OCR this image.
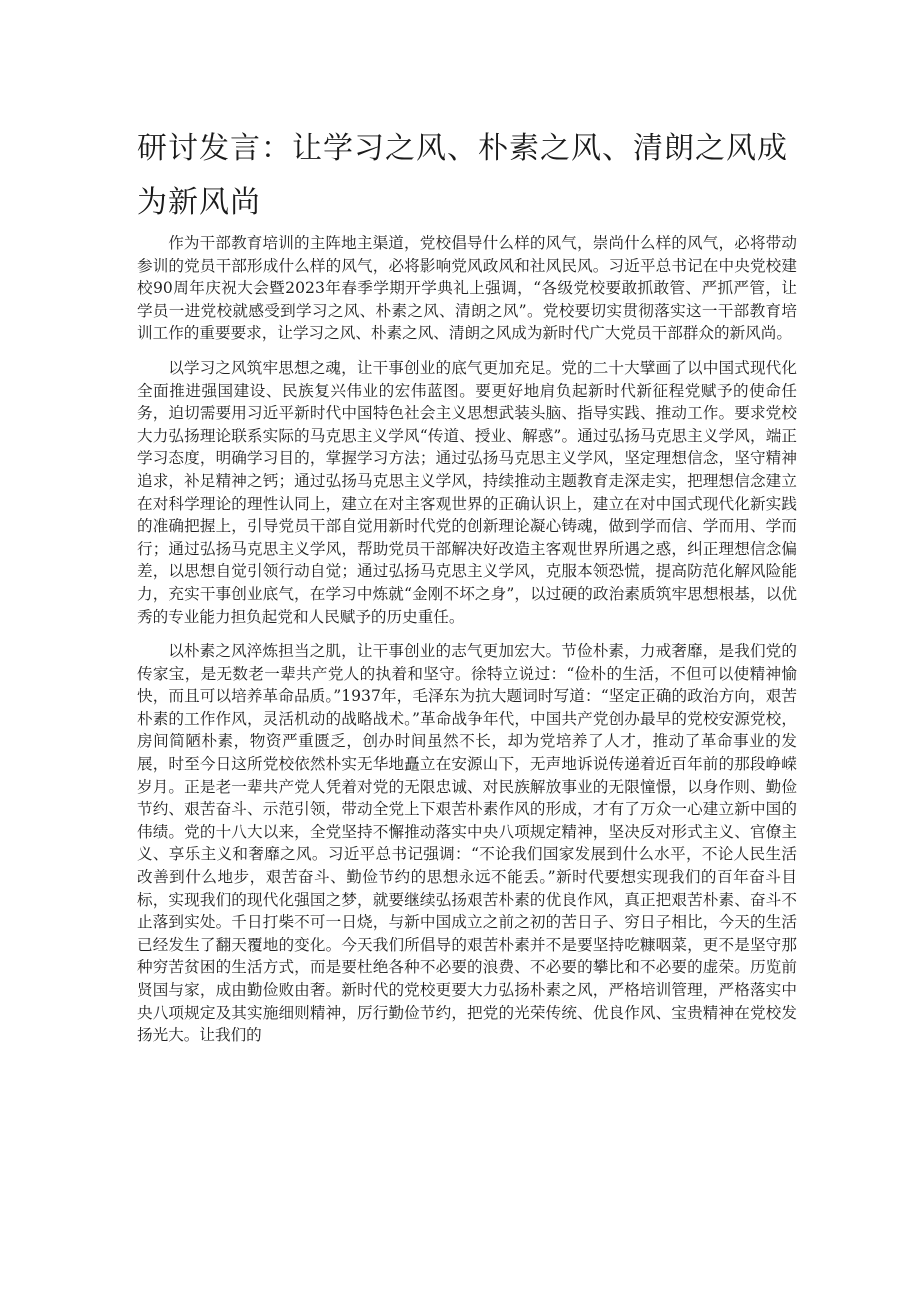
研讨发言：让学习之风、朴素之风、清朗之风成为新风尚

作为干部教育培训的主阵地主渠道，党校倡导什么样的风气，崇尚什么样的风气，必将带动参训的党员干部形成什么样的风气，必将影响党风政风和社风民风。习近平总书记在中央党校建校90周年庆祝大会暨2023年春季学期开学典礼上强调，“各级党校要敢抓敢管、严抓严管，让学员一进党校就感受到学习之风、朴素之风、清朗之风”。党校要切实贯彻落实这一干部教育培训工作的重要要求，让学习之风、朴素之风、清朗之风成为新时代广大党员干部群众的新风尚。

以学习之风筑牢思想之魂，让干事创业的底气更加充足。党的二十大擘画了以中国式现代化全面推进强国建设、民族复兴伟业的宏伟蓝图。要更好地肩负起新时代新征程党赋予的使命任务，迫切需要用习近平新时代中国特色社会主义思想武装头脑、指导实践、推动工作。要求党校大力弘扬理论联系实际的马克思主义学风“传道、授业、解惑”。通过弘扬马克思主义学风，端正学习态度，明确学习目的，掌握学习方法；通过弘扬马克思主义学风，坚定理想信念，坚守精神追求，补足精神之钙；通过弘扬马克思主义学风，持续推动主题教育走深走实，把理想信念建立在对科学理论的理性认同上，建立在对主客观世界的正确认识上，建立在对中国式现代化新实践的准确把握上，引导党员干部自觉用新时代党的创新理论凝心铸魂，做到学而信、学而用、学而行；通过弘扬马克思主义学风，帮助党员干部解决好改造主客观世界所遇之惑，纠正理想信念偏差，以思想自觉引领行动自觉；通过弘扬马克思主义学风，克服本领恐慌，提高防范化解风险能力，充实干事创业底气，在学习中炼就“金刚不坏之身”，以过硬的政治素质筑牢思想根基，以优秀的专业能力担负起党和人民赋予的历史重任。

以朴素之风淬炼担当之肌，让干事创业的志气更加宏大。节俭朴素，力戒奢靡，是我们党的传家宝，是无数老一辈共产党人的执着和坚守。徐特立说过：“俭朴的生活，不但可以使精神愉快，而且可以培养革命品质。”1937年，毛泽东为抗大题词时写道：“坚定正确的政治方向，艰苦朴素的工作作风，灵活机动的战略战术。”革命战争年代，中国共产党创办最早的党校安源党校，房间简陋朴素，物资严重匮乏，创办时间虽然不长，却为党培养了人才，推动了革命事业的发展，时至今日这所党校依然朴实无华地矗立在安源山下，无声地诉说传递着近百年前的那段峥嵘岁月。正是老一辈共产党人凭着对党的无限忠诚、对民族解放事业的无限憧憬，以身作则、勤俭节约、艰苦奋斗、示范引领，带动全党上下艰苦朴素作风的形成，才有了万众一心建立新中国的伟绩。党的十八大以来，全党坚持不懈推动落实中央八项规定精神，坚决反对形式主义、官僚主义、享乐主义和奢靡之风。习近平总书记强调：“不论我们国家发展到什么水平，不论人民生活改善到什么地步，艰苦奋斗、勤俭节约的思想永远不能丢。”新时代要想实现我们的百年奋斗目标，实现我们的现代化强国之梦，就要继续弘扬艰苦朴素的优良作风，真正把艰苦朴素、奋斗不止落到实处。千日打柴不可一日烧，与新中国成立之前之初的苦日子、穷日子相比，今天的生活已经发生了翻天覆地的变化。今天我们所倡导的艰苦朴素并不是要坚持吃糠咽菜，更不是坚守那种穷苦贫困的生活方式，而是要杜绝各种不必要的浪费、不必要的攀比和不必要的虚荣。历览前贤国与家，成由勤俭败由奢。新时代的党校更要大力弘扬朴素之风，严格培训管理，严格落实中央八项规定及其实施细则精神，厉行勤俭节约，把党的光荣传统、优良作风、宝贵精神在党校发扬光大。让我们的
